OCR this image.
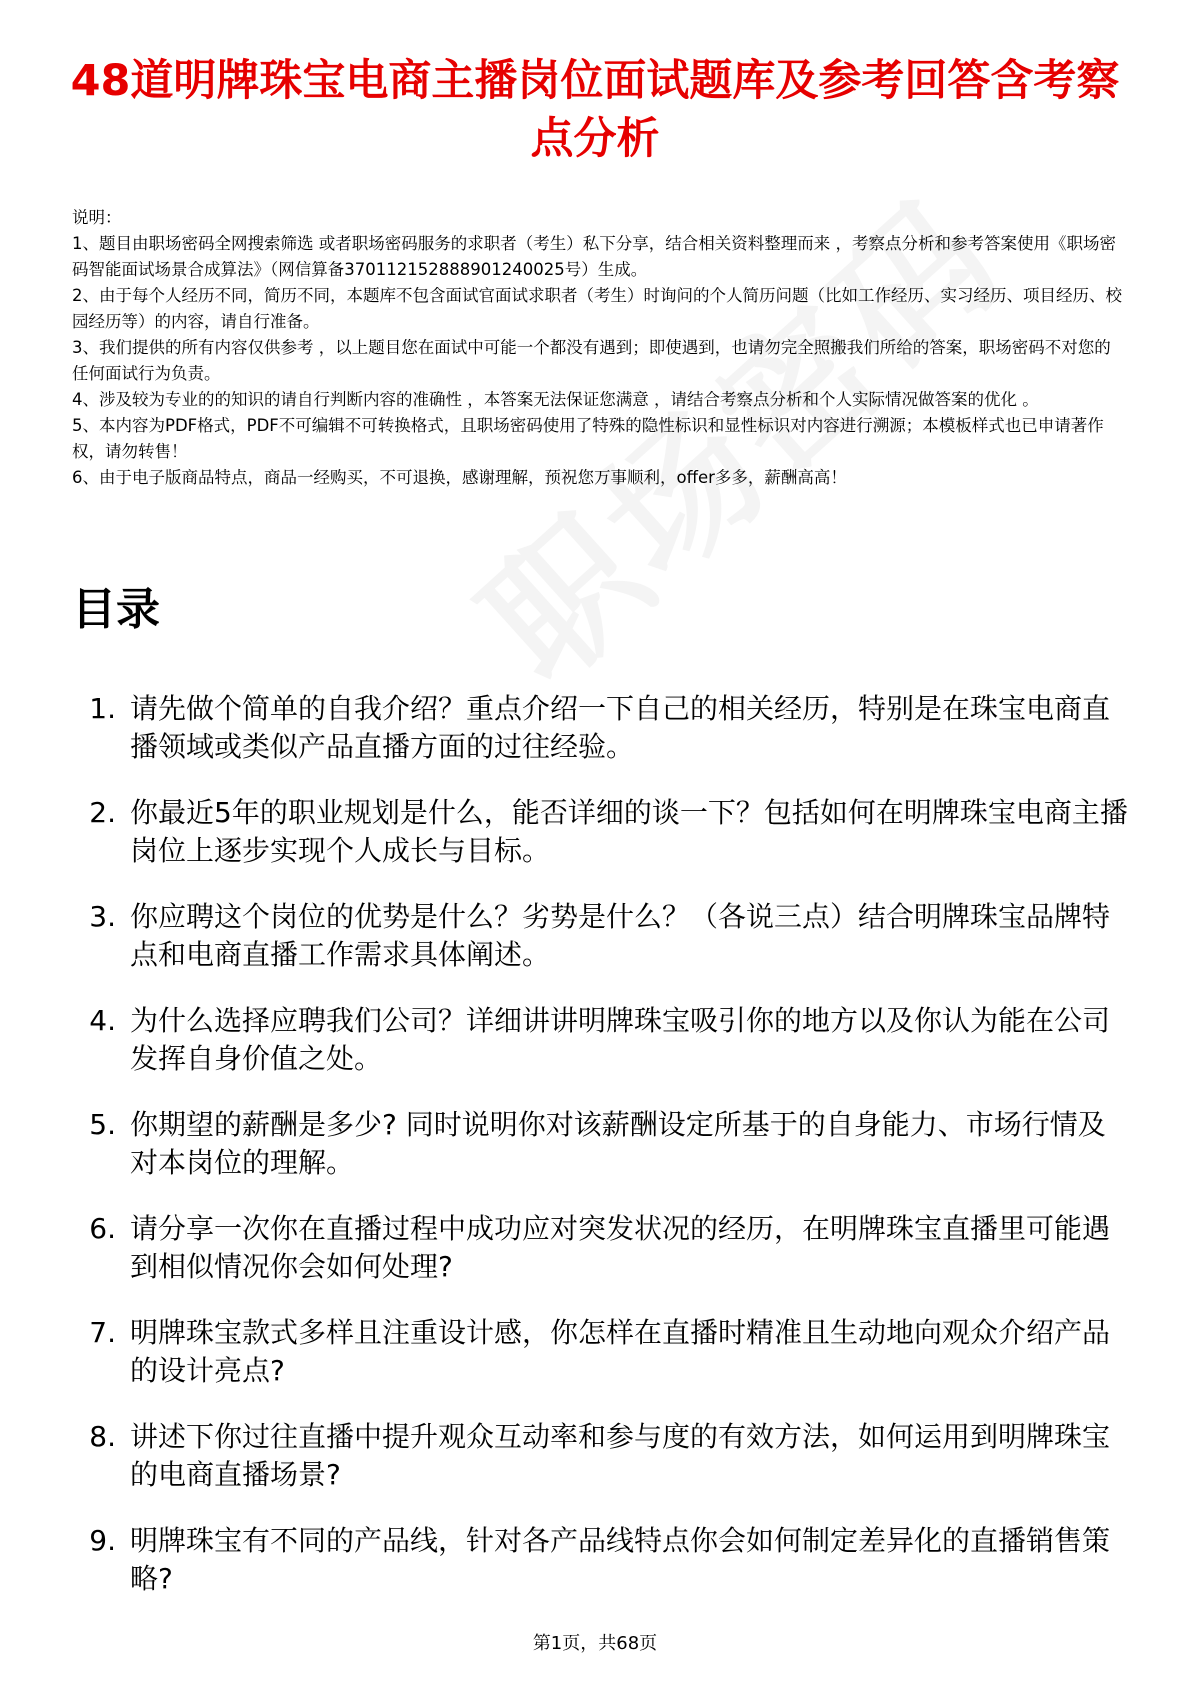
48道明牌珠宝电商主播岗位面试题库及参考回答含考察点分析

说明：

1、题目由职场密码全网搜索筛选 或者职场密码服务的求职者（考生）私下分享，结合相关资料整理而来 ，考察点分析和参考答案使用《职场密码智能面试场景合成算法》（网信算备370112152888901240025号）生成。

2、由于每个人经历不同，简历不同，本题库不包含面试官面试求职者（考生）时询问的个人简历问题（比如工作经历、实习经历、项目经历、校园经历等）的内容，请自行准备。

3、我们提供的所有内容仅供参考 ，以上题目您在面试中可能一个都没有遇到；即使遇到，也请勿完全照搬我们所给的答案，职场密码不对您的任何面试行为负责。

4、涉及较为专业的的知识的请自行判断内容的准确性 ，本答案无法保证您满意 ，请结合考察点分析和个人实际情况做答案的优化 。

5、本内容为PDF格式，PDF不可编辑不可转换格式，且职场密码使用了特殊的隐性标识和显性标识对内容进行溯源；本模板样式也已申请著作权，请勿转售！

6、由于电子版商品特点，商品一经购买，不可退换，感谢理解，预祝您万事顺利，offer多多，薪酬高高！

目录
1. 请先做个简单的自我介绍？重点介绍一下自己的相关经历，特别是在珠宝电商直播领域或类似产品直播方面的过往经验。
2. 你最近5年的职业规划是什么，能否详细的谈一下？包括如何在明牌珠宝电商主播岗位上逐步实现个人成长与目标。
3. 你应聘这个岗位的优势是什么？劣势是什么？（各说三点）结合明牌珠宝品牌特点和电商直播工作需求具体阐述。
4. 为什么选择应聘我们公司？详细讲讲明牌珠宝吸引你的地方以及你认为能在公司发挥自身价值之处。
5. 你期望的薪酬是多少? 同时说明你对该薪酬设定所基于的自身能力、市场行情及对本岗位的理解。
6. 请分享一次你在直播过程中成功应对突发状况的经历，在明牌珠宝直播里可能遇到相似情况你会如何处理?
7. 明牌珠宝款式多样且注重设计感，你怎样在直播时精准且生动地向观众介绍产品的设计亮点?
8. 讲述下你过往直播中提升观众互动率和参与度的有效方法，如何运用到明牌珠宝的电商直播场景?
9. 明牌珠宝有不同的产品线，针对各产品线特点你会如何制定差异化的直播销售策略?
第1页，共68页
